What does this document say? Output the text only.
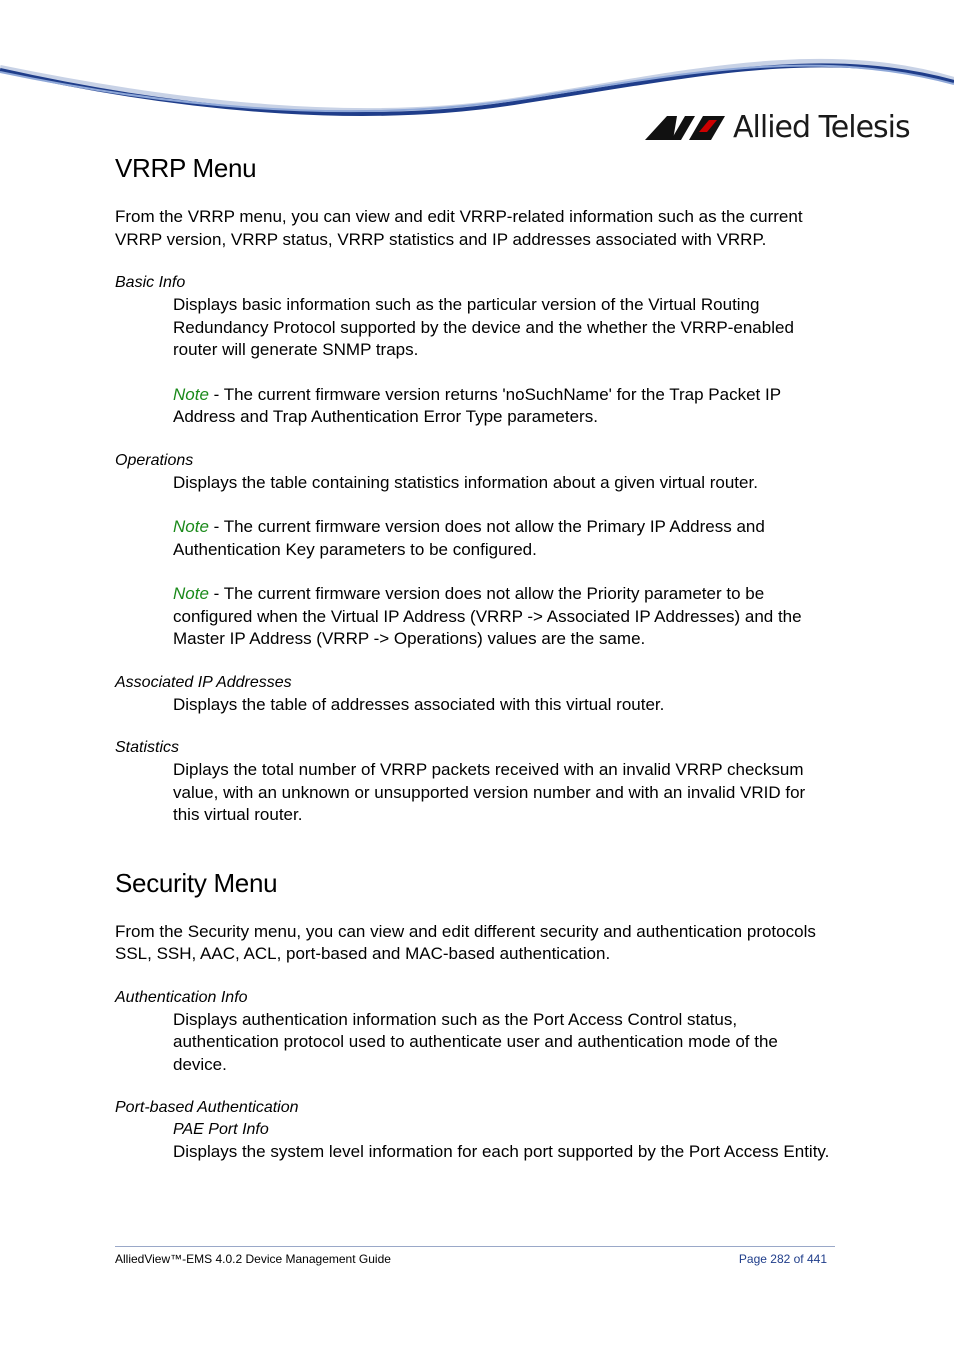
Allied Telesis
VRRP Menu

From the VRRP menu, you can view and edit VRRP-related information such as the current VRRP version, VRRP status, VRRP statistics and IP addresses associated with VRRP.

Basic Info

Displays basic information such as the particular version of the Virtual Routing Redundancy Protocol supported by the device and the whether the VRRP-enabled router will generate SNMP traps.

Note - The current firmware version returns 'noSuchName' for the Trap Packet IP Address and Trap Authentication Error Type parameters.

Operations

Displays the table containing statistics information about a given virtual router.

Note - The current firmware version does not allow the Primary IP Address and Authentication Key parameters to be configured.

Note - The current firmware version does not allow the Priority parameter to be configured when the Virtual IP Address (VRRP -> Associated IP Addresses) and the Master IP Address (VRRP -> Operations) values are the same.

Associated IP Addresses

Displays the table of addresses associated with this virtual router.

Statistics

Diplays the total number of VRRP packets received with an invalid VRRP checksum value, with an unknown or unsupported version number and with an invalid VRID for this virtual router.

Security Menu

From the Security menu, you can view and edit different security and authentication protocols SSL, SSH, AAC, ACL, port-based and MAC-based authentication.

Authentication Info

Displays authentication information such as the Port Access Control status, authentication protocol used to authenticate user and authentication mode of the device.

Port-based Authentication

PAE Port Info

Displays the system level information for each port supported by the Port Access Entity.

AlliedView™-EMS 4.0.2 Device Management Guide	Page 282 of 441
